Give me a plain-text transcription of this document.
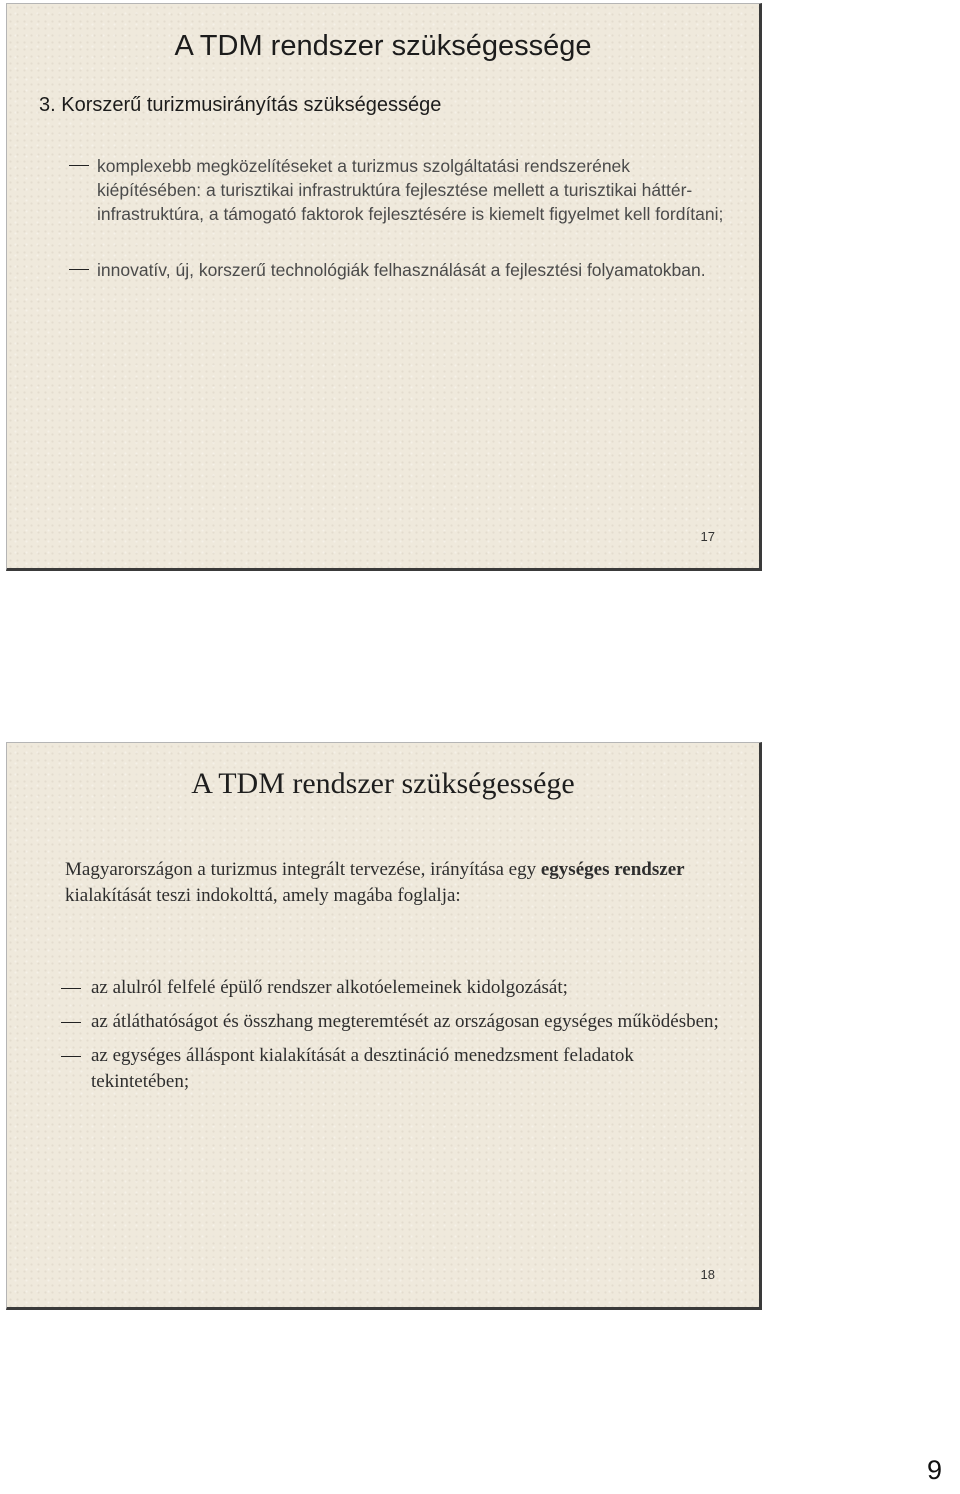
A TDM rendszer szükségessége
3. Korszerű turizmusirányítás szükségessége
komplexebb megközelítéseket a turizmus szolgáltatási rendszerének kiépítésében: a turisztikai infrastruktúra fejlesztése mellett a turisztikai háttér-infrastruktúra, a támogató faktorok fejlesztésére is kiemelt figyelmet kell fordítani;
innovatív, új, korszerű technológiák felhasználását a fejlesztési folyamatokban.
17
A TDM rendszer szükségessége
Magyarországon a turizmus integrált tervezése, irányítása egy egységes rendszer kialakítását teszi indokolttá, amely magába foglalja:
az alulról felfelé épülő rendszer alkotóelemeinek kidolgozását;
az átláthatóságot és összhang megteremtését az országosan egységes működésben;
az egységes álláspont kialakítását a desztináció menedzsment feladatok tekintetében;
18
9
